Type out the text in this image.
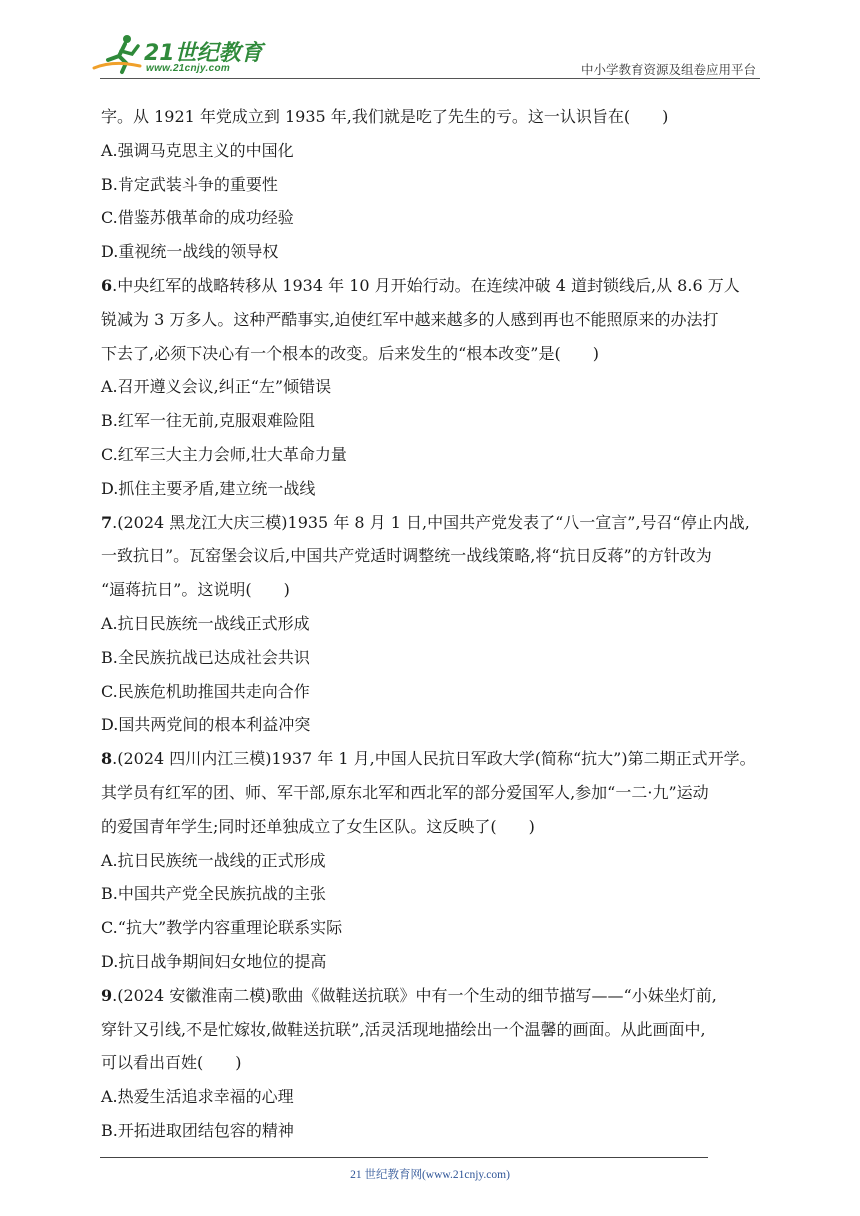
21世纪教育
www.21cnjy.com	中小学教育资源及组卷应用平台
字。从 1921 年党成立到 1935 年,我们就是吃了先生的亏。这一认识旨在(　　)
A.强调马克思主义的中国化
B.肯定武装斗争的重要性
C.借鉴苏俄革命的成功经验
D.重视统一战线的领导权
6.中央红军的战略转移从 1934 年 10 月开始行动。在连续冲破 4 道封锁线后,从 8.6 万人
锐减为 3 万多人。这种严酷事实,迫使红军中越来越多的人感到再也不能照原来的办法打
下去了,必须下决心有一个根本的改变。后来发生的“根本改变”是(　　)
A.召开遵义会议,纠正“左”倾错误
B.红军一往无前,克服艰难险阻
C.红军三大主力会师,壮大革命力量
D.抓住主要矛盾,建立统一战线
7.(2024 黑龙江大庆三模)1935 年 8 月 1 日,中国共产党发表了“八一宣言”,号召“停止内战,
一致抗日”。瓦窑堡会议后,中国共产党适时调整统一战线策略,将“抗日反蒋”的方针改为
“逼蒋抗日”。这说明(　　)
A.抗日民族统一战线正式形成
B.全民族抗战已达成社会共识
C.民族危机助推国共走向合作
D.国共两党间的根本利益冲突
8.(2024 四川内江三模)1937 年 1 月,中国人民抗日军政大学(简称“抗大”)第二期正式开学。
其学员有红军的团、师、军干部,原东北军和西北军的部分爱国军人,参加“一二·九”运动
的爱国青年学生;同时还单独成立了女生区队。这反映了(　　)
A.抗日民族统一战线的正式形成
B.中国共产党全民族抗战的主张
C.“抗大”教学内容重理论联系实际
D.抗日战争期间妇女地位的提高
9.(2024 安徽淮南二模)歌曲《做鞋送抗联》中有一个生动的细节描写——“小妹坐灯前,
穿针又引线,不是忙嫁妆,做鞋送抗联”,活灵活现地描绘出一个温馨的画面。从此画面中,
可以看出百姓(　　)
A.热爱生活追求幸福的心理
B.开拓进取团结包容的精神
21 世纪教育网(www.21cnjy.com)
